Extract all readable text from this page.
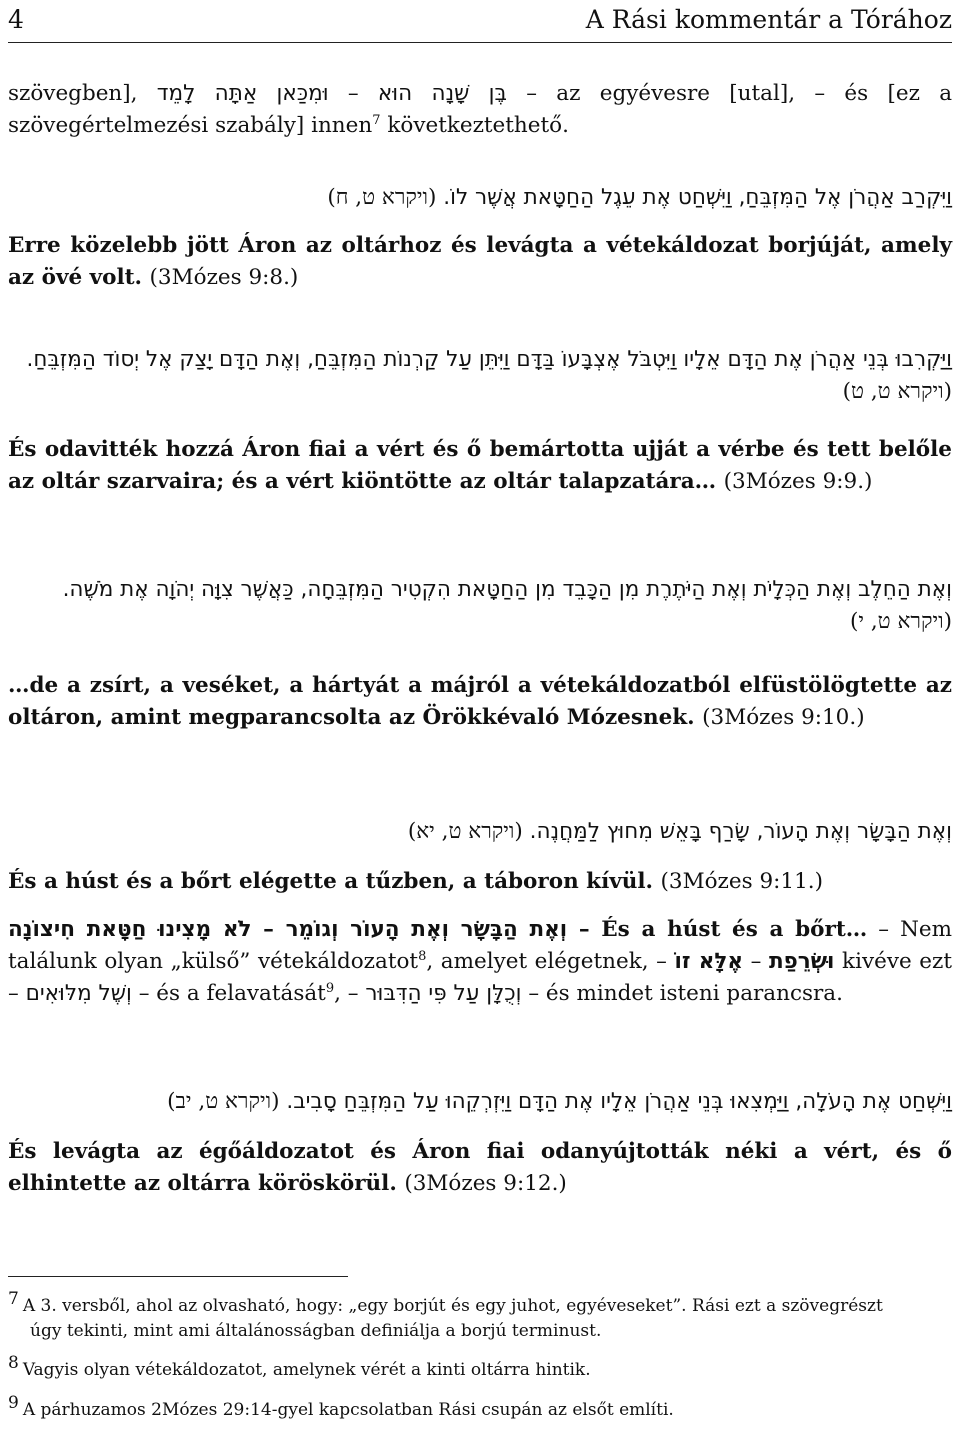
4	A Rási kommentár a Tórához

szövegben], וּמִכַּאן אַתָּה לָמֵד – בֶּן שָׁנָה הוּא – az egyévesre [utal], – és [ez a szövegértelmezési szabály] innen$^7$ következtethető.

וַיִּקְרַב אַהֲרֹן אֶל הַמִּזְבֵּחַ, וַיִּשְׁחַט אֶת עֵגֶל הַחַטָּאת אֲשֶׁר לוֹ. (ויקרא ט, ח)

Erre közelebb jött Áron az oltárhoz és levágta a vétekáldozat borjúját, amely az övé volt. (3Mózes 9:8.)

וַיַּקְרִבוּ בְּנֵי אַהֲרֹן אֶת הַדָּם אֵלָיו וַיִּטְבֹּל אֶצְבָּעוֹ בַּדָּם וַיִּתֵּן עַל קַרְנוֹת הַמִּזְבֵּחַ, וְאֶת הַדָּם יָצַק אֶל יְסוֹד הַמִּזְבֵּחַ. (ויקרא ט, ט)

És odavitték hozzá Áron fiai a vért és ő bemártotta ujját a vérbe és tett belőle az oltár szarvaira; és a vért kiöntötte az oltár talapzatára… (3Mózes 9:9.)

וְאֶת הַחֵלֶב וְאֶת הַכְּלָיֹת וְאֶת הַיֹּתֶרֶת מִן הַכָּבֵד מִן הַחַטָּאת הִקְטִיר הַמִּזְבֵּחָה, כַּאֲשֶׁר צִוָּה יְהֹוָה אֶת מֹשֶׁה. (ויקרא ט, י)

…de a zsírt, a veséket, a hártyát a májról a vétekáldozatból elfüstölögtette az oltáron, amint megparancsolta az Örökkévaló Mózesnek. (3Mózes 9:10.)

וְאֶת הַבָּשָׂר וְאֶת הָעוֹר, שָׂרַף בָּאֵשׁ מִחוּץ לַמַּחֲנֶה. (ויקרא ט, יא)

És a húst és a bőrt elégette a tűzben, a táboron kívül. (3Mózes 9:11.)

לֹא מָצִינוּ חַטָּאת חִיצוֹנָה – וְאֶת הַבָּשָׂר וְאֶת הָעוֹר וְגוֹמֵר – És a húst és a bőrt… – Nem találunk olyan „külső” vétekáldozatot$^8$, amelyet elégetnek, – אֶלָּא זוֹ – וּשְׂרֵפַת kivéve ezt – וְשֶׁל מִלּוּאִים – és a felavatását$^9$, – וְכֻלָּן עַל פִּי הַדִּבּוּר – és mindet isteni parancsra.

וַיִּשְׁחַט אֶת הָעֹלָה, וַיַּמְצִאוּ בְּנֵי אַהֲרֹן אֵלָיו אֶת הַדָּם וַיִּזְרְקֵהוּ עַל הַמִּזְבֵּחַ סָבִיב. (ויקרא ט, יב)

És levágta az égőáldozatot és Áron fiai odanyújtották néki a vért, és ő elhintette az oltárra köröskörül. (3Mózes 9:12.)

7 A 3. versből, ahol az olvasható, hogy: „egy borjút és egy juhot, egyéveseket”. Rási ezt a szövegrészt
úgy tekinti, mint ami általánosságban definiálja a borjú terminust.

8 Vagyis olyan vétekáldozatot, amelynek vérét a kinti oltárra hintik.

9 A párhuzamos 2Mózes 29:14-gyel kapcsolatban Rási csupán az elsőt említi.
